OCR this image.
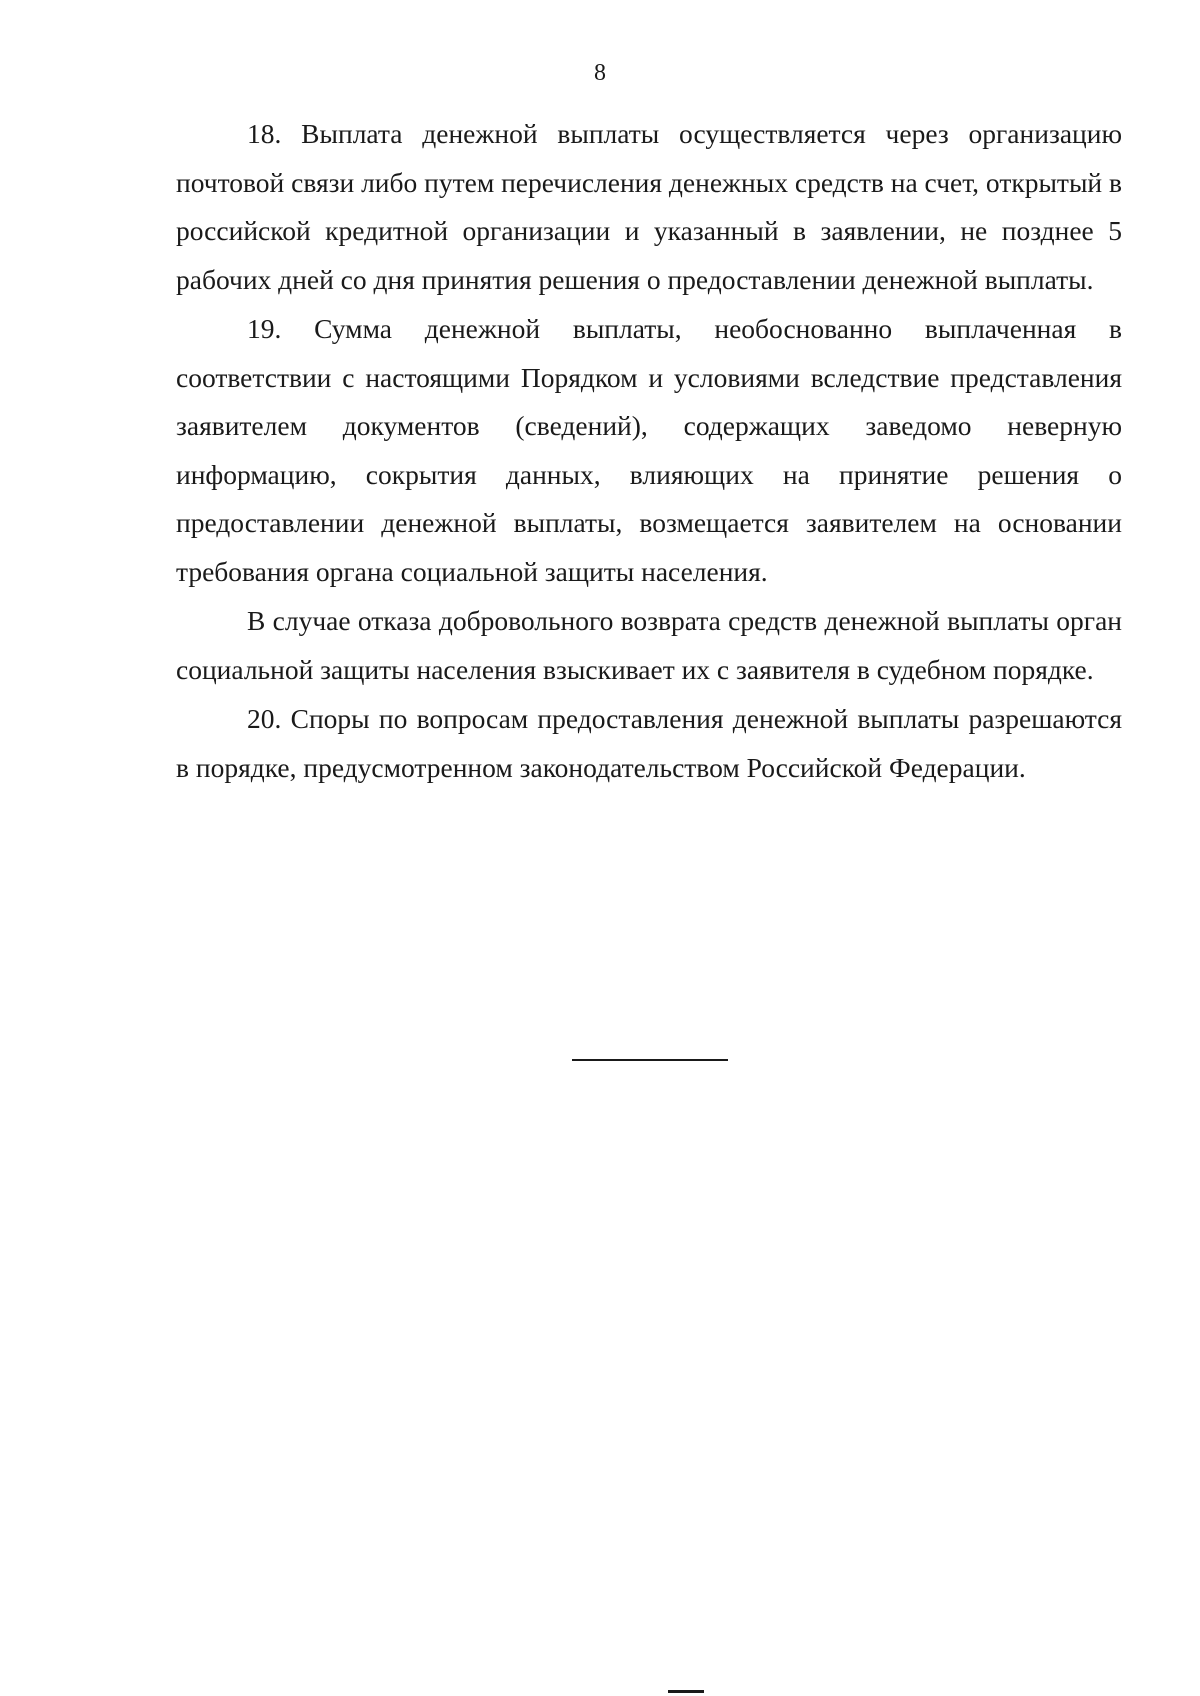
8

18. Выплата денежной выплаты осуществляется через организацию почтовой связи либо путем перечисления денежных средств на счет, открытый в российской кредитной организации и указанный в заявлении, не позднее 5 рабочих дней со дня принятия решения о предоставлении денежной выплаты.

19. Сумма денежной выплаты, необоснованно выплаченная в соответствии с настоящими Порядком и условиями вследствие представления заявителем документов (сведений), содержащих заведомо неверную информацию, сокрытия данных, влияющих на принятие решения о предоставлении денежной выплаты, возмещается заявителем на основании требования органа социальной защиты населения.

В случае отказа добровольного возврата средств денежной выплаты орган социальной защиты населения взыскивает их с заявителя в судебном порядке.

20. Споры по вопросам предоставления денежной выплаты разрешаются в порядке, предусмотренном законодательством Российской Федерации.
